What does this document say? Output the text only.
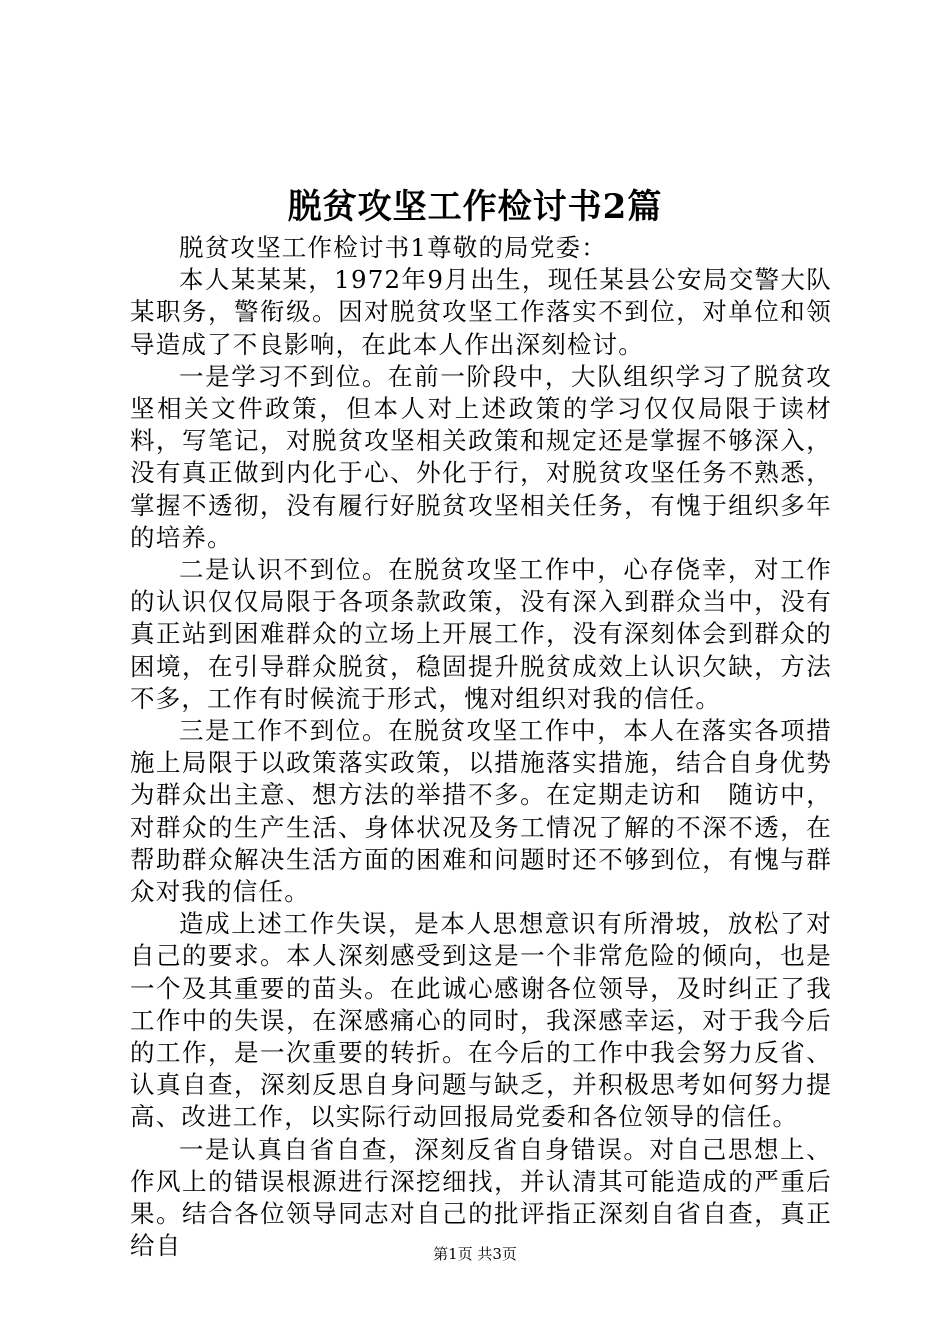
脱贫攻坚工作检讨书2篇

脱贫攻坚工作检讨书1尊敬的局党委：

本人某某某，1972年9月出生，现任某县公安局交警大队某职务，警衔级。因对脱贫攻坚工作落实不到位，对单位和领导造成了不良影响，在此本人作出深刻检讨。

一是学习不到位。在前一阶段中，大队组织学习了脱贫攻坚相关文件政策，但本人对上述政策的学习仅仅局限于读材料，写笔记，对脱贫攻坚相关政策和规定还是掌握不够深入，没有真正做到内化于心、外化于行，对脱贫攻坚任务不熟悉，掌握不透彻，没有履行好脱贫攻坚相关任务，有愧于组织多年的培养。

二是认识不到位。在脱贫攻坚工作中，心存侥幸，对工作的认识仅仅局限于各项条款政策，没有深入到群众当中，没有真正站到困难群众的立场上开展工作，没有深刻体会到群众的困境，在引导群众脱贫，稳固提升脱贫成效上认识欠缺，方法不多，工作有时候流于形式，愧对组织对我的信任。

三是工作不到位。在脱贫攻坚工作中，本人在落实各项措施上局限于以政策落实政策，以措施落实措施，结合自身优势为群众出主意、想方法的举措不多。在定期走访和　随访中，对群众的生产生活、身体状况及务工情况了解的不深不透，在帮助群众解决生活方面的困难和问题时还不够到位，有愧与群众对我的信任。

造成上述工作失误，是本人思想意识有所滑坡，放松了对自己的要求。本人深刻感受到这是一个非常危险的倾向，也是一个及其重要的苗头。在此诚心感谢各位领导，及时纠正了我工作中的失误，在深感痛心的同时，我深感幸运，对于我今后的工作，是一次重要的转折。在今后的工作中我会努力反省、认真自查，深刻反思自身问题与缺乏，并积极思考如何努力提高、改进工作，以实际行动回报局党委和各位领导的信任。

一是认真自省自查，深刻反省自身错误。对自己思想上、作风上的错误根源进行深挖细找，并认清其可能造成的严重后果。结合各位领导同志对自己的批评指正深刻自省自查，真正给自	第1页 共3页
